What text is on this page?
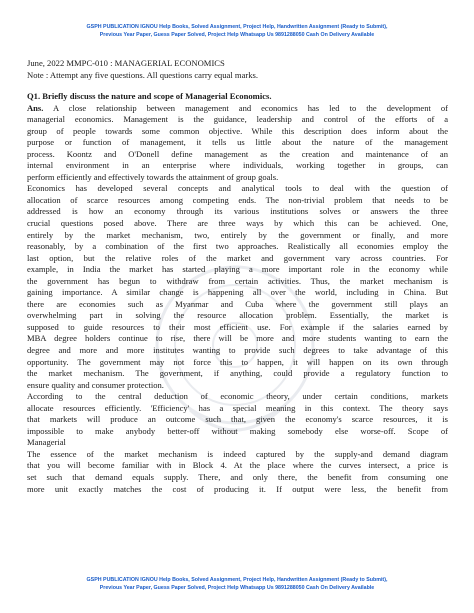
GSPH PUBLICATION IGNOU Help Books, Solved Assignment, Project Help, Handwritten Assignment (Ready to Submit),
Previous Year Paper, Guess Paper Solved, Project Help Whatsapp Us 9891288050 Cash On Delivery Available

June, 2022 MMPC-010 : MANAGERIAL ECONOMICS

Note : Attempt any five questions. All questions carry equal marks.

Q1. Briefly discuss the nature and scope of Managerial Economics.

Ans. A close relationship between management and economics has led to the development of

managerial economics. Management is the guidance, leadership and control of the efforts of a

group of people towards some common objective. While this description does inform about the

purpose or function of management, it tells us little about the nature of the management

process. Koontz and O'Donell define management as the creation and maintenance of an

internal environment in an enterprise where individuals, working together in groups, can

perform efficiently and effectively towards the attainment of group goals.

Economics has developed several concepts and analytical tools to deal with the question of

allocation of scarce resources among competing ends. The non-trivial problem that needs to be

addressed is how an economy through its various institutions solves or answers the three

crucial questions posed above. There are three ways by which this can be achieved. One,

entirely by the market mechanism, two, entirely by the government or finally, and more

reasonably, by a combination of the first two approaches. Realistically all economies employ the

last option, but the relative roles of the market and government vary across countries. For

example, in India the market has started playing a more important role in the economy while

the government has begun to withdraw from certain activities. Thus, the market mechanism is

gaining importance. A similar change is happening all over the world, including in China. But

there are economies such as Myanmar and Cuba where the government still plays an

overwhelming part in solving the resource allocation problem. Essentially, the market is

supposed to guide resources to their most efficient use. For example if the salaries earned by

MBA degree holders continue to rise, there will be more and more students wanting to earn the

degree and more and more institutes wanting to provide such degrees to take advantage of this

opportunity. The government may not force this to happen, it will happen on its own through

the market mechanism. The government, if anything, could provide a regulatory function to

ensure quality and consumer protection.

According to the central deduction of economic theory, under certain conditions, markets

allocate resources efficiently. 'Efficiency' has a special meaning in this context. The theory says

that markets will produce an outcome such that, given the economy's scarce resources, it is

impossible to make anybody better-off without making somebody else worse-off. Scope of

Managerial

The essence of the market mechanism is indeed captured by the supply-and demand diagram

that you will become familiar with in Block 4. At the place where the curves intersect, a price is

set such that demand equals supply. There, and only there, the benefit from consuming one

more unit exactly matches the cost of producing it. If output were less, the benefit from

GSPH PUBLICATION IGNOU Help Books, Solved Assignment, Project Help, Handwritten Assignment (Ready to Submit),
Previous Year Paper, Guess Paper Solved, Project Help Whatsapp Us 9891288050 Cash On Delivery Available
